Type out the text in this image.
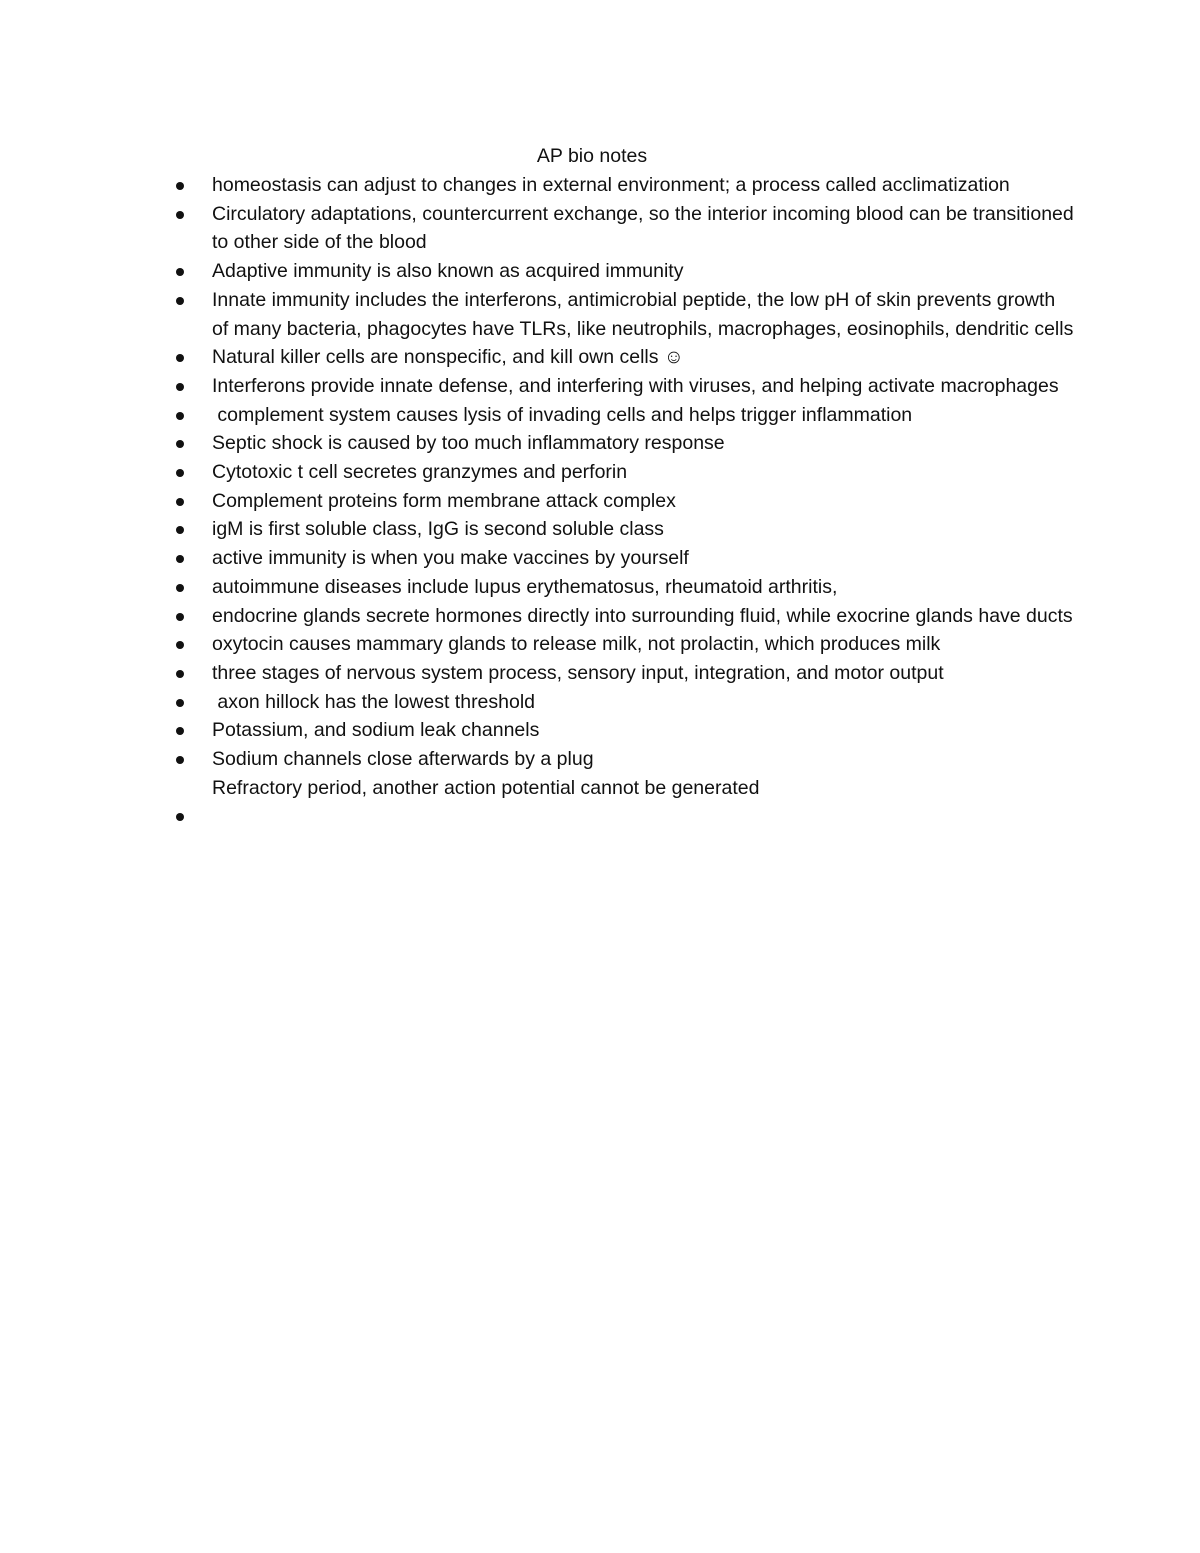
AP bio notes
homeostasis can adjust to changes in external environment; a process called acclimatization
Circulatory adaptations, countercurrent exchange, so the interior incoming blood can be transitioned to other side of the blood
Adaptive immunity is also known as acquired immunity
Innate immunity includes the interferons, antimicrobial peptide, the low pH of skin prevents growth of many bacteria, phagocytes have TLRs, like neutrophils, macrophages, eosinophils, dendritic cells
Natural killer cells are nonspecific, and kill own cells ☺
Interferons provide innate defense, and interfering with viruses, and helping activate macrophages
complement system causes lysis of invading cells and helps trigger inflammation
Septic shock is caused by too much inflammatory response
Cytotoxic t cell secretes granzymes and perforin
Complement proteins form membrane attack complex
igM is first soluble class, IgG is second soluble class
active immunity is when you make vaccines by yourself
autoimmune diseases include lupus erythematosus, rheumatoid arthritis,
endocrine glands secrete hormones directly into surrounding fluid, while exocrine glands have ducts
oxytocin causes mammary glands to release milk, not prolactin, which produces milk
three stages of nervous system process, sensory input, integration, and motor output
axon hillock has the lowest threshold
Potassium, and sodium leak channels
Sodium channels close afterwards by a plug
Refractory period, another action potential cannot be generated
